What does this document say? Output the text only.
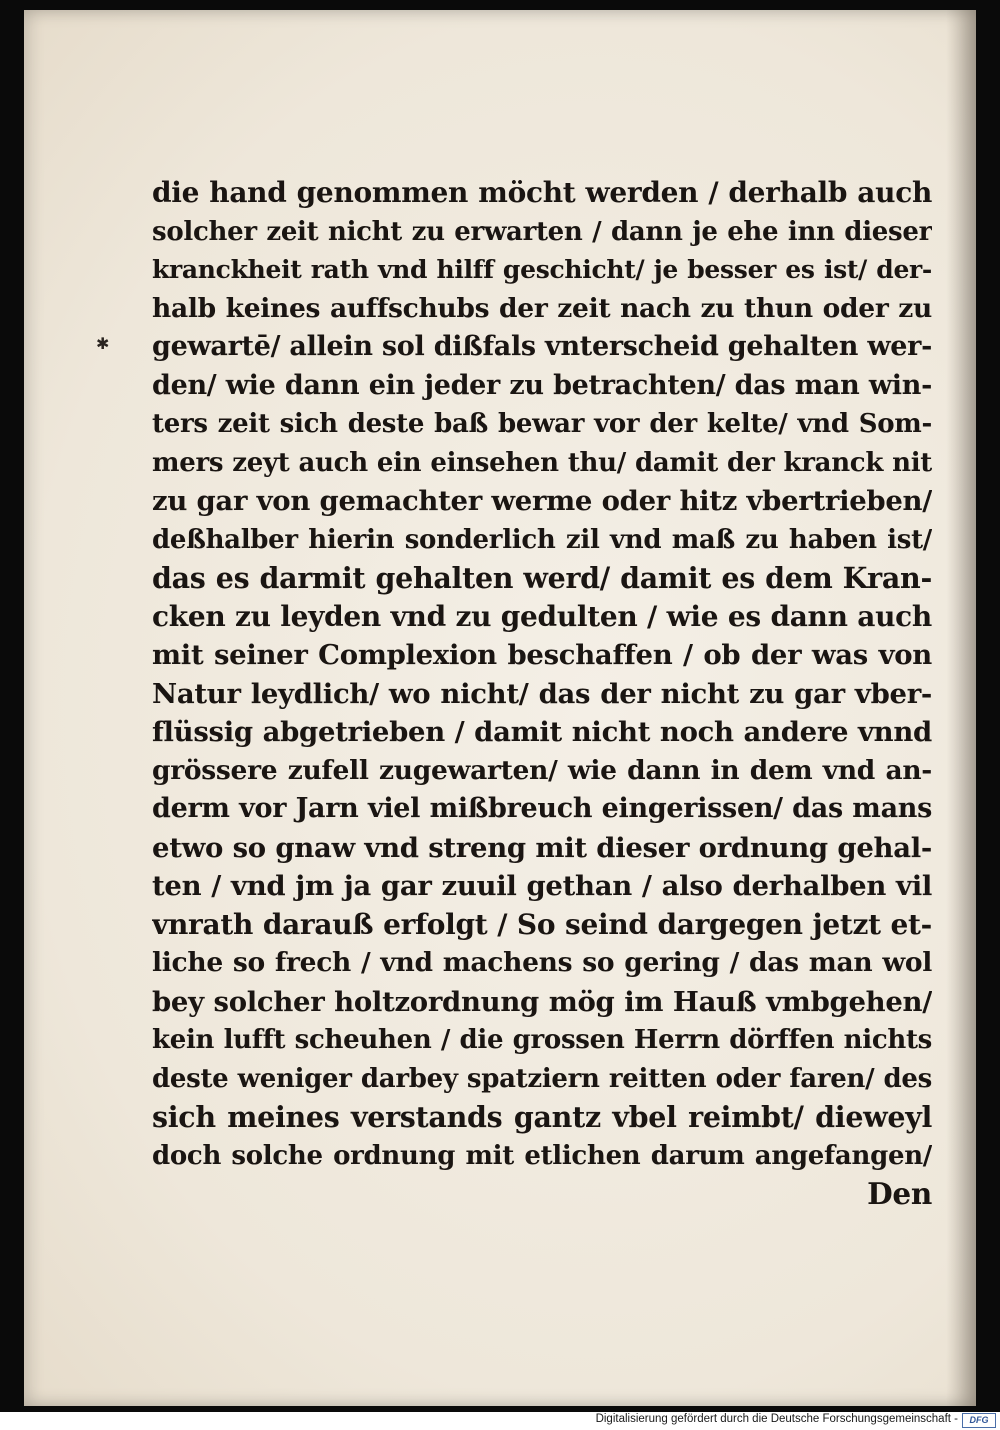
✱
die hand genommen möcht werden / derhalb auch
solcher zeit nicht zu erwarten / dann je ehe inn dieser
kranckheit rath vnd hilff geschicht/ je besser es ist/ der-
halb keines auffschubs der zeit nach zu thun oder zu
gewartē/ allein sol dißfals vnterscheid gehalten wer-
den/ wie dann ein jeder zu betrachten/ das man win-
ters zeit sich deste baß bewar vor der kelte/ vnd Som-
mers zeyt auch ein einsehen thu/ damit der kranck nit
zu gar von gemachter werme oder hitz vbertrieben/
deßhalber hierin sonderlich zil vnd maß zu haben ist/
das es darmit gehalten werd/ damit es dem Kran-
cken zu leyden vnd zu gedulten / wie es dann auch
mit seiner Complexion beschaffen / ob der was von
Natur leydlich/ wo nicht/ das der nicht zu gar vber-
flüssig abgetrieben / damit nicht noch andere vnnd
grössere zufell zugewarten/ wie dann in dem vnd an-
derm vor Jarn viel mißbreuch eingerissen/ das mans
etwo so gnaw vnd streng mit dieser ordnung gehal-
ten / vnd jm ja gar zuuil gethan / also derhalben vil
vnrath darauß erfolgt / So seind dargegen jetzt et-
liche so frech / vnd machens so gering / das man wol
bey solcher holtzordnung mög im Hauß vmbgehen/
kein lufft scheuhen / die grossen Herrn dörffen nichts
deste weniger darbey spatziern reitten oder faren/ des
sich meines verstands gantz vbel reimbt/ dieweyl
doch solche ordnung mit etlichen darum angefangen/
Den
Digitalisierung gefördert durch die Deutsche Forschungsgemeinschaft -	DFG
